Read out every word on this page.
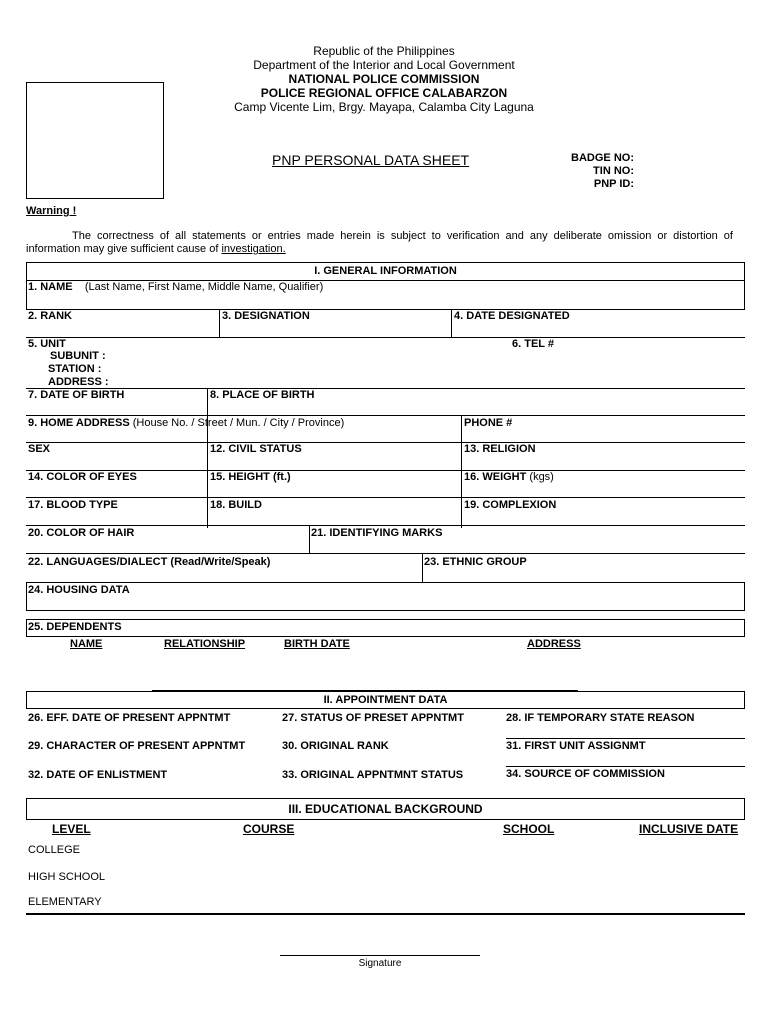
Republic of the Philippines
Department of the Interior and Local Government
NATIONAL POLICE COMMISSION
POLICE REGIONAL OFFICE CALABARZON
Camp Vicente Lim, Brgy. Mayapa, Calamba City Laguna
PNP PERSONAL DATA SHEET	BADGE NO:
TIN NO:
PNP ID:
Warning !
The correctness of all statements or entries made herein is subject to verification and any deliberate omission or distortion of information may give sufficient cause of investigation.
I. GENERAL INFORMATION
1. NAME (Last Name, First Name, Middle Name, Qualifier)
2. RANK	3. DESIGNATION	4. DATE DESIGNATED
5. UNIT
SUBUNIT :
STATION :
ADDRESS :
6. TEL #
7. DATE OF BIRTH	8. PLACE OF BIRTH
9. HOME ADDRESS (House No. / Street / Mun. / City / Province)	PHONE #
SEX	12. CIVIL STATUS	13. RELIGION
14. COLOR OF EYES	15. HEIGHT (ft.)	16. WEIGHT (kgs)
17. BLOOD TYPE	18. BUILD	19. COMPLEXION
20. COLOR OF HAIR	21. IDENTIFYING MARKS
22. LANGUAGES/DIALECT (Read/Write/Speak)	23. ETHNIC GROUP
24. HOUSING DATA
25. DEPENDENTS
NAME	RELATIONSHIP	BIRTH DATE	ADDRESS
II. APPOINTMENT DATA
26. EFF. DATE OF PRESENT APPNTMT	27. STATUS OF PRESET APPNTMT	28. IF TEMPORARY STATE REASON
29. CHARACTER OF PRESENT APPNTMT	30. ORIGINAL RANK	31. FIRST UNIT ASSIGNMT
32. DATE OF ENLISTMENT	33. ORIGINAL APPNTMNT STATUS	34. SOURCE OF COMMISSION
III. EDUCATIONAL BACKGROUND
LEVEL	COURSE	SCHOOL	INCLUSIVE DATE
COLLEGE
HIGH SCHOOL
ELEMENTARY
Signature
